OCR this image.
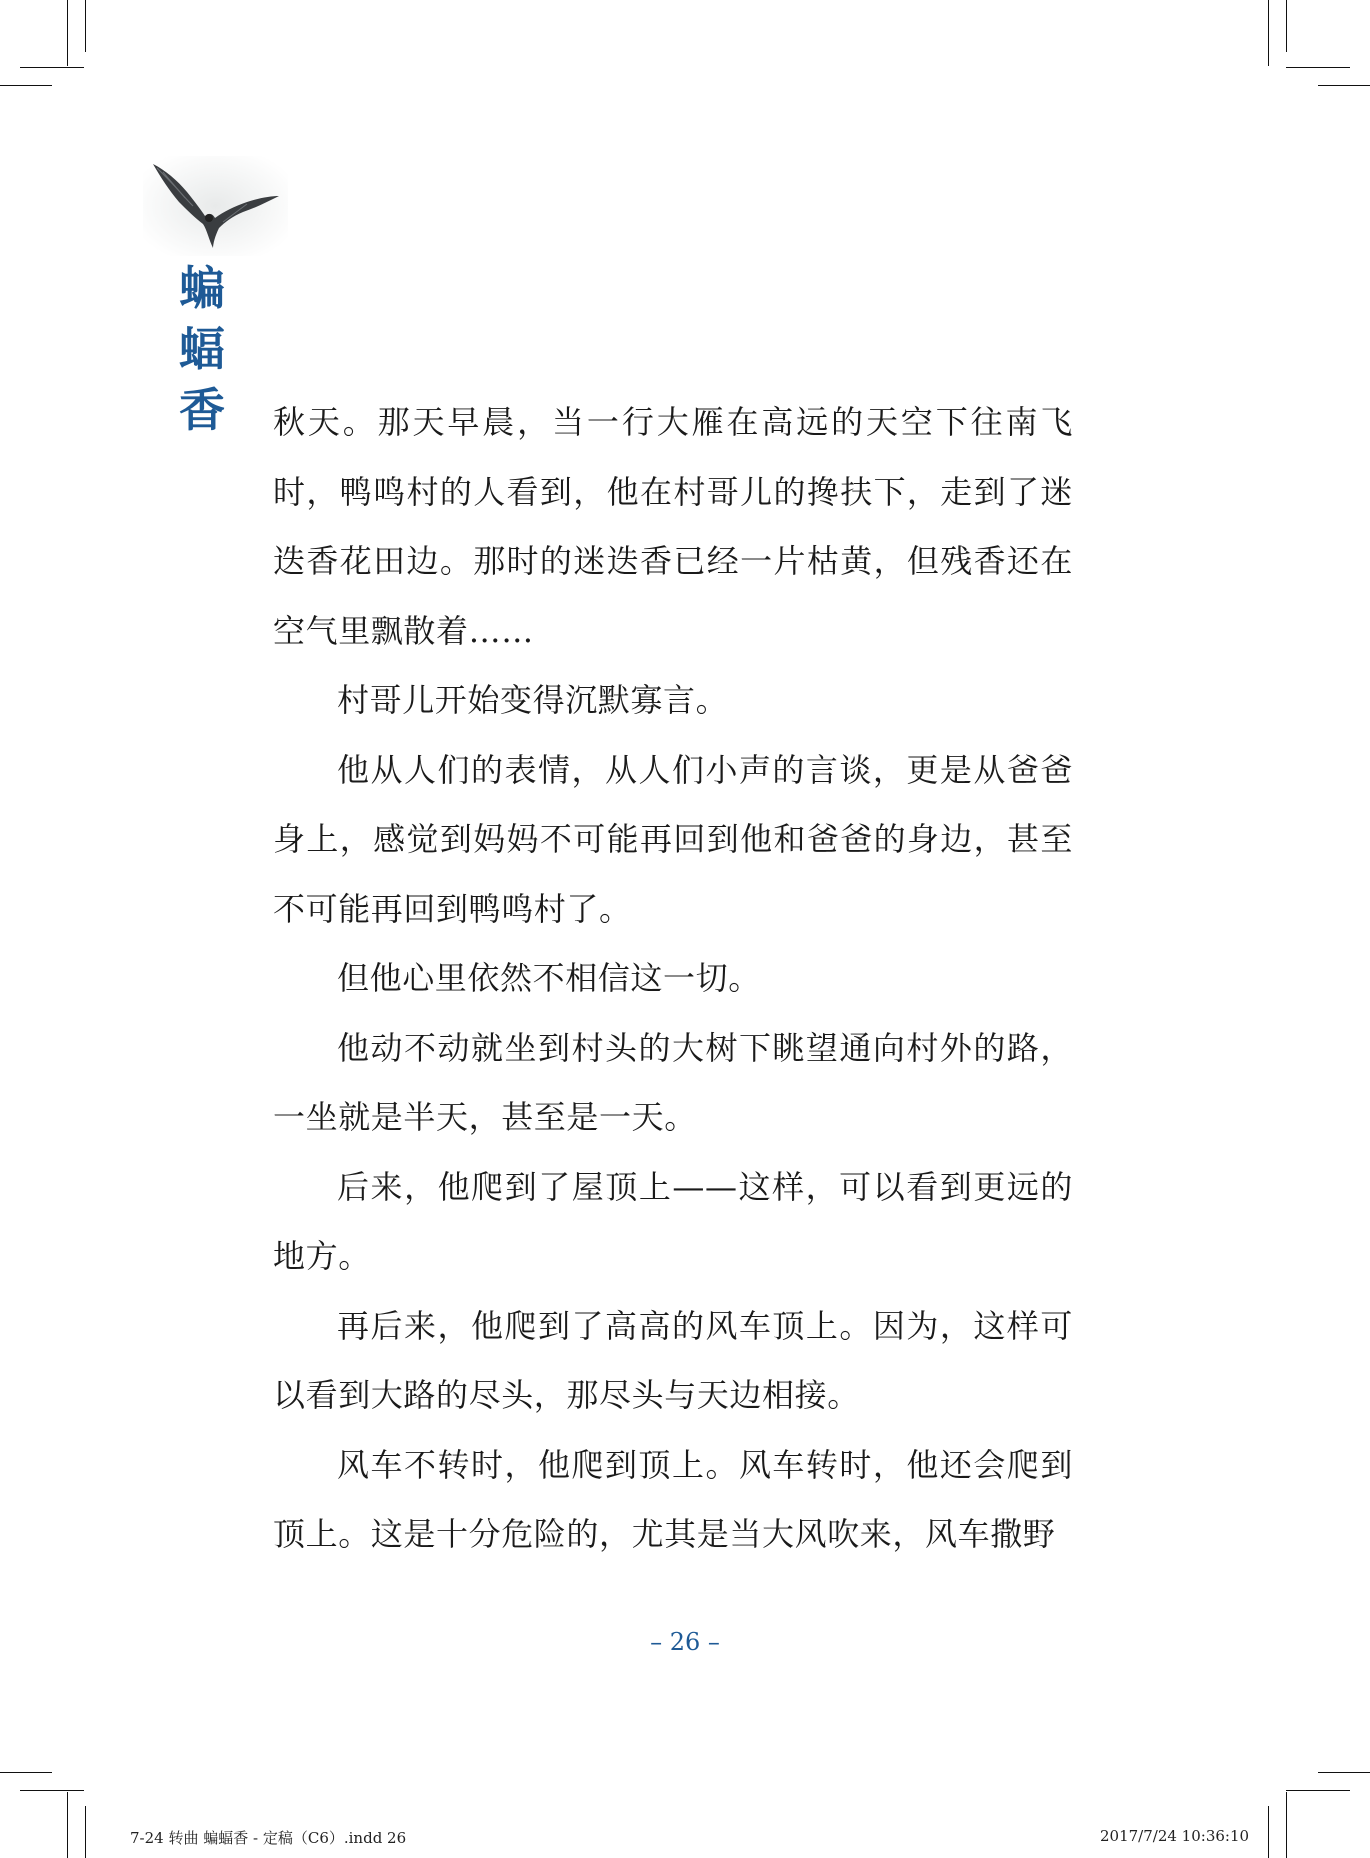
蝙
蝠
香 秋天。那天早晨，当一行大雁在高远的天空下往南飞时，鸭鸣村的人看到，他在村哥儿的搀扶下，走到了迷迭香花田边。那时的迷迭香已经一片枯黄，但残香还在空气里飘散着……

村哥儿开始变得沉默寡言。

他从人们的表情，从人们小声的言谈，更是从爸爸身上，感觉到妈妈不可能再回到他和爸爸的身边，甚至不可能再回到鸭鸣村了。

但他心里依然不相信这一切。

他动不动就坐到村头的大树下眺望通向村外的路，一坐就是半天，甚至是一天。

后来，他爬到了屋顶上——这样，可以看到更远的地方。

再后来，他爬到了高高的风车顶上。因为，这样可以看到大路的尽头，那尽头与天边相接。

风车不转时，他爬到顶上。风车转时，他还会爬到顶上。这是十分危险的，尤其是当大风吹来，风车撒野

– 26 –
7-24 转曲 蝙蝠香 - 定稿（C6）.indd 26	2017/7/24 10:36:10
